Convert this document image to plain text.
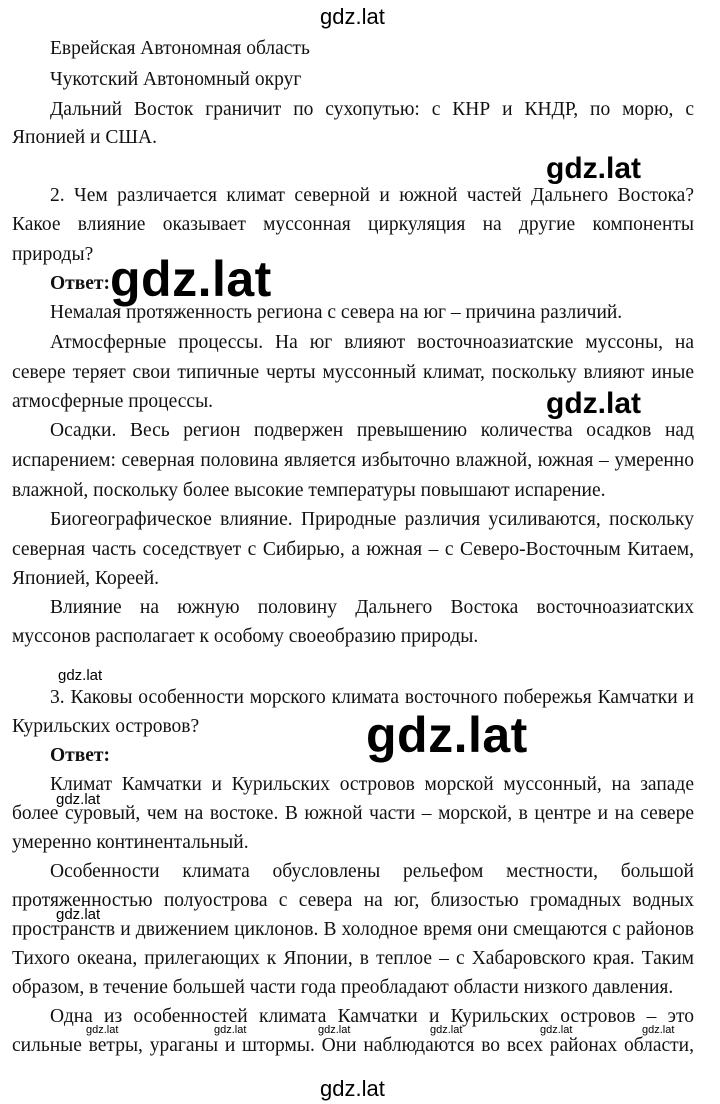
Еврейская Автономная область

Чукотский Автономный округ

Дальний Восток граничит по сухопутью: с КНР и КНДР, по морю, с

Японией и США.

2. Чем различается климат северной и южной частей Дальнего Востока?

Какое влияние оказывает муссонная циркуляция на другие компоненты

природы?

Ответ:

Немалая протяженность региона с севера на юг – причина различий.

Атмосферные процессы. На юг влияют восточноазиатские муссоны, на

севере теряет свои типичные черты муссонный климат, поскольку влияют иные

атмосферные процессы.

Осадки. Весь регион подвержен превышению количества осадков над

испарением: северная половина является избыточно влажной, южная – умеренно

влажной, поскольку более высокие температуры повышают испарение.

Биогеографическое влияние. Природные различия усиливаются, поскольку

северная часть соседствует с Сибирью, а южная – с Северо-Восточным Китаем,

Японией, Кореей.

Влияние на южную половину Дальнего Востока восточноазиатских

муссонов располагает к особому своеобразию природы.

3. Каковы особенности морского климата восточного побережья Камчатки и

Курильских островов?

Ответ:

Климат Камчатки и Курильских островов морской муссонный, на западе

более суровый, чем на востоке. В южной части – морской, в центре и на севере

умеренно континентальный.

Особенности климата обусловлены рельефом местности, большой

протяженностью полуострова с севера на юг, близостью громадных водных

пространств и движением циклонов. В холодное время они смещаются с районов

Тихого океана, прилегающих к Японии, в теплое – с Хабаровского края. Таким

образом, в течение большей части года преобладают области низкого давления.

Одна из особенностей климата Камчатки и Курильских островов – это

сильные ветры, ураганы и штормы. Они наблюдаются во всех районах области,

gdz.lat
gdz.lat
gdz.lat
gdz.lat
gdz.lat
gdz.lat
gdz.lat
gdz.lat
gdz.lat	gdz.lat	gdz.lat	gdz.lat	gdz.lat	gdz.lat
gdz.lat
